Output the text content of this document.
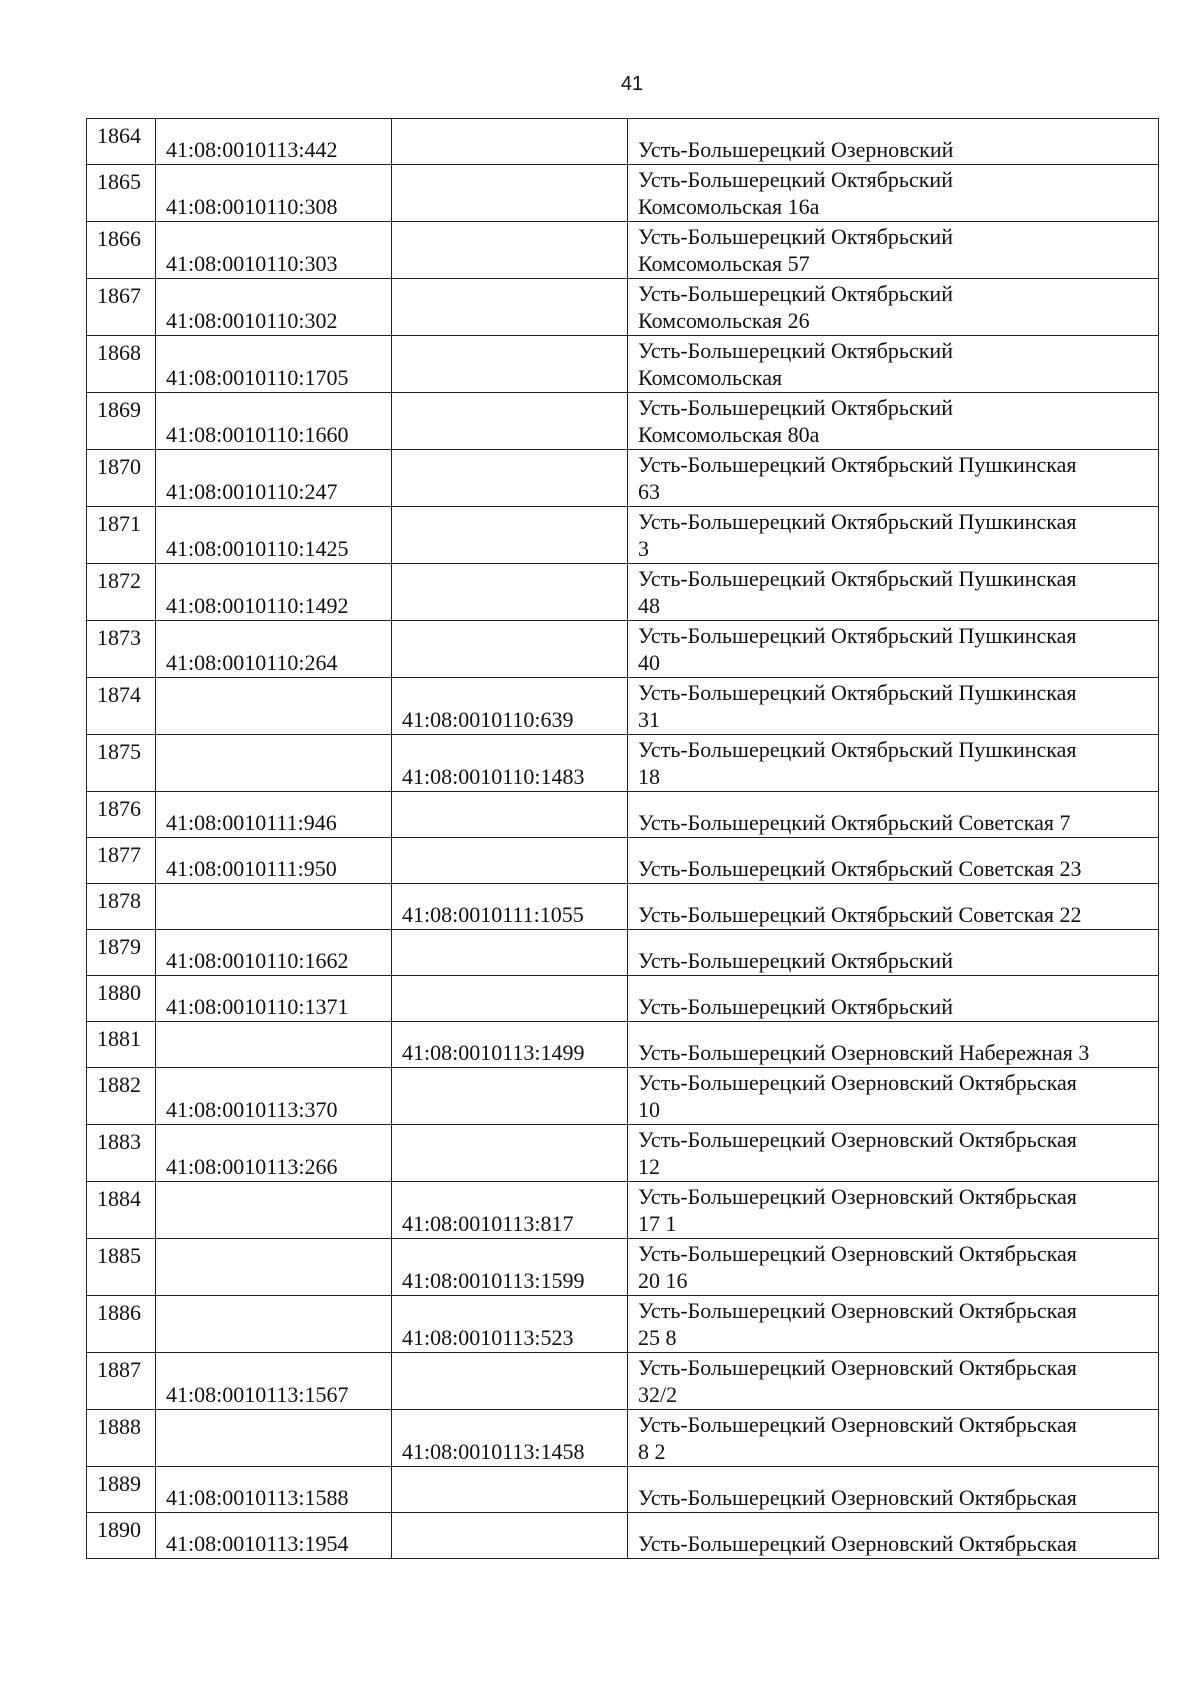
41
1864	41:08:0010113:442		Усть-Большерецкий Озерновский

1865	41:08:0010110:308		Усть-Большерецкий Октябрьский
Комсомольская 16а

1866	41:08:0010110:303		Усть-Большерецкий Октябрьский
Комсомольская 57

1867	41:08:0010110:302		Усть-Большерецкий Октябрьский
Комсомольская 26

1868	41:08:0010110:1705		Усть-Большерецкий Октябрьский
Комсомольская

1869	41:08:0010110:1660		Усть-Большерецкий Октябрьский
Комсомольская 80а

1870	41:08:0010110:247		Усть-Большерецкий Октябрьский Пушкинская
63

1871	41:08:0010110:1425		Усть-Большерецкий Октябрьский Пушкинская
3

1872	41:08:0010110:1492		Усть-Большерецкий Октябрьский Пушкинская
48

1873	41:08:0010110:264		Усть-Большерецкий Октябрьский Пушкинская
40

1874		41:08:0010110:639	Усть-Большерецкий Октябрьский Пушкинская
31

1875		41:08:0010110:1483	Усть-Большерецкий Октябрьский Пушкинская
18

1876	41:08:0010111:946		Усть-Большерецкий Октябрьский Советская 7

1877	41:08:0010111:950		Усть-Большерецкий Октябрьский Советская 23

1878		41:08:0010111:1055	Усть-Большерецкий Октябрьский Советская 22

1879	41:08:0010110:1662		Усть-Большерецкий Октябрьский

1880	41:08:0010110:1371		Усть-Большерецкий Октябрьский

1881		41:08:0010113:1499	Усть-Большерецкий Озерновский Набережная 3

1882	41:08:0010113:370		Усть-Большерецкий Озерновский Октябрьская
10

1883	41:08:0010113:266		Усть-Большерецкий Озерновский Октябрьская
12

1884		41:08:0010113:817	Усть-Большерецкий Озерновский Октябрьская
17 1

1885		41:08:0010113:1599	Усть-Большерецкий Озерновский Октябрьская
20 16

1886		41:08:0010113:523	Усть-Большерецкий Озерновский Октябрьская
25 8

1887	41:08:0010113:1567		Усть-Большерецкий Озерновский Октябрьская
32/2

1888		41:08:0010113:1458	Усть-Большерецкий Озерновский Октябрьская
8 2

1889	41:08:0010113:1588		Усть-Большерецкий Озерновский Октябрьская

1890	41:08:0010113:1954		Усть-Большерецкий Озерновский Октябрьская
